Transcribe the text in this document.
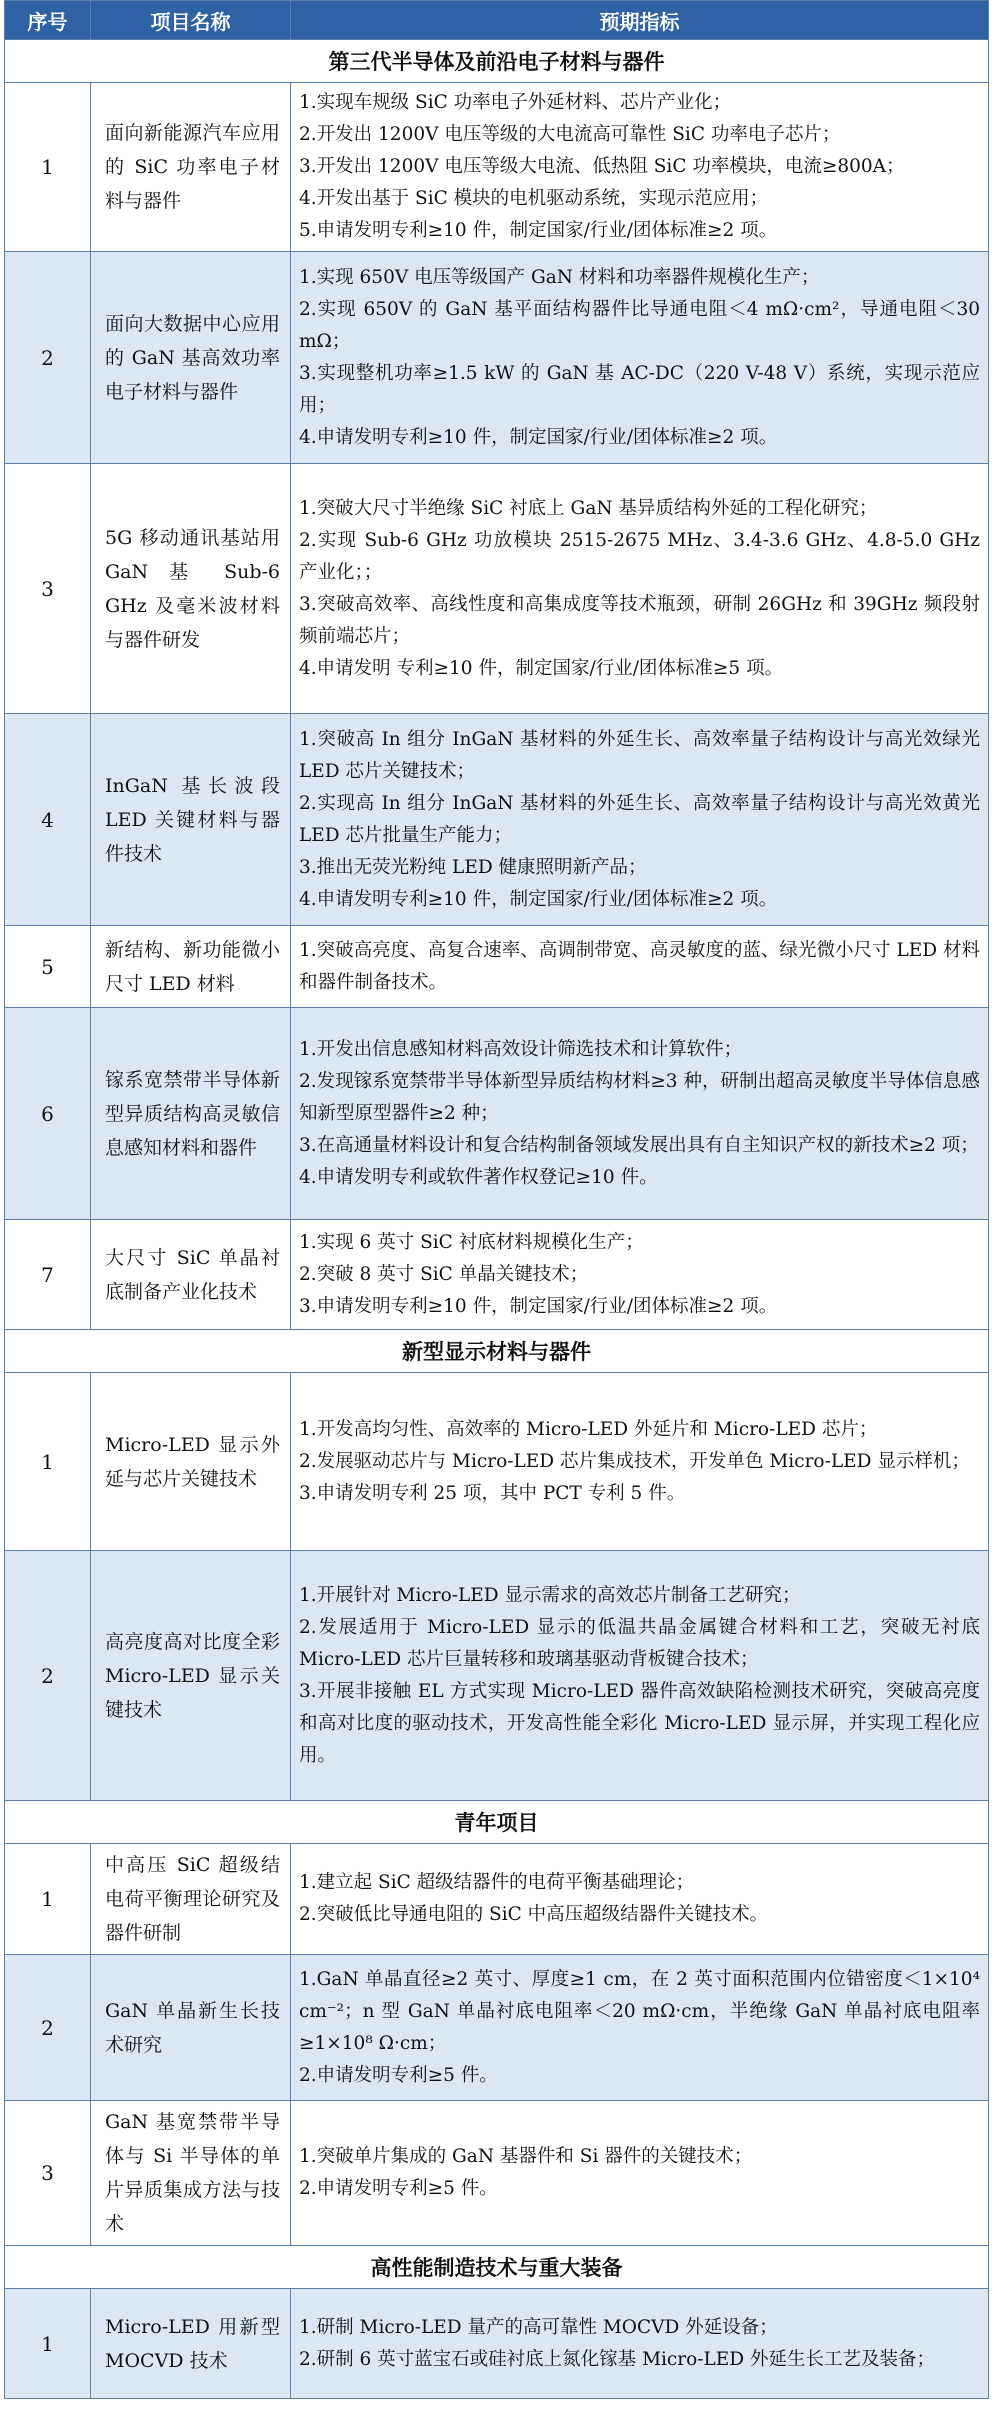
序号	项目名称	预期指标
第三代半导体及前沿电子材料与器件		
1	面向新能源汽车应用的 SiC 功率电子材料与器件	1.实现车规级 SiC 功率电子外延材料、芯片产业化；
2.开发出 1200V 电压等级的大电流高可靠性 SiC 功率电子芯片；
3.开发出 1200V 电压等级大电流、低热阻 SiC 功率模块，电流≥800A；
4.开发出基于 SiC 模块的电机驱动系统，实现示范应用；
5.申请发明专利≥10 件，制定国家/行业/团体标准≥2 项。

2	面向大数据中心应用的 GaN 基高效功率电子材料与器件	1.实现 650V 电压等级国产 GaN 材料和功率器件规模化生产；
2.实现 650V 的 GaN 基平面结构器件比导通电阻＜4 mΩ·cm²，导通电阻＜30 mΩ；
3.实现整机功率≥1.5 kW 的 GaN 基 AC-DC（220 V-48 V）系统，实现示范应用；
4.申请发明专利≥10 件，制定国家/行业/团体标准≥2 项。

3	5G 移动通讯基站用 GaN 基 Sub-6 GHz 及毫米波材料与器件研发	1.突破大尺寸半绝缘 SiC 衬底上 GaN 基异质结构外延的工程化研究；
2.实现 Sub-6 GHz 功放模块 2515-2675 MHz、3.4-3.6 GHz、4.8-5.0 GHz 产业化；；
3.突破高效率、高线性度和高集成度等技术瓶颈，研制 26GHz 和 39GHz 频段射频前端芯片；
4.申请发明 专利≥10 件，制定国家/行业/团体标准≥5 项。

4	InGaN 基长波段 LED 关键材料与器件技术	1.突破高 In 组分 InGaN 基材料的外延生长、高效率量子结构设计与高光效绿光 LED 芯片关键技术；
2.实现高 In 组分 InGaN 基材料的外延生长、高效率量子结构设计与高光效黄光 LED 芯片批量生产能力；
3.推出无荧光粉纯 LED 健康照明新产品；
4.申请发明专利≥10 件，制定国家/行业/团体标准≥2 项。

5	新结构、新功能微小尺寸 LED 材料	1.突破高亮度、高复合速率、高调制带宽、高灵敏度的蓝、绿光微小尺寸 LED 材料和器件制备技术。

6	镓系宽禁带半导体新型异质结构高灵敏信息感知材料和器件	1.开发出信息感知材料高效设计筛选技术和计算软件；
2.发现镓系宽禁带半导体新型异质结构材料≥3 种，研制出超高灵敏度半导体信息感知新型原型器件≥2 种；
3.在高通量材料设计和复合结构制备领域发展出具有自主知识产权的新技术≥2 项；
4.申请发明专利或软件著作权登记≥10 件。

7	大尺寸 SiC 单晶衬底制备产业化技术	1.实现 6 英寸 SiC 衬底材料规模化生产；
2.突破 8 英寸 SiC 单晶关键技术；
3.申请发明专利≥10 件，制定国家/行业/团体标准≥2 项。

新型显示材料与器件		
1	Micro-LED 显示外延与芯片关键技术	1.开发高均匀性、高效率的 Micro-LED 外延片和 Micro-LED 芯片；
2.发展驱动芯片与 Micro-LED 芯片集成技术，开发单色 Micro-LED 显示样机；
3.申请发明专利 25 项，其中 PCT 专利 5 件。

2	高亮度高对比度全彩 Micro-LED 显示关键技术	1.开展针对 Micro-LED 显示需求的高效芯片制备工艺研究；
2.发展适用于 Micro-LED 显示的低温共晶金属键合材料和工艺，突破无衬底 Micro-LED 芯片巨量转移和玻璃基驱动背板键合技术；
3.开展非接触 EL 方式实现 Micro-LED 器件高效缺陷检测技术研究，突破高亮度和高对比度的驱动技术，开发高性能全彩化 Micro-LED 显示屏，并实现工程化应用。

青年项目		
1	中高压 SiC 超级结电荷平衡理论研究及器件研制	1.建立起 SiC 超级结器件的电荷平衡基础理论；
2.突破低比导通电阻的 SiC 中高压超级结器件关键技术。

2	GaN 单晶新生长技术研究	1.GaN 单晶直径≥2 英寸、厚度≥1 cm，在 2 英寸面积范围内位错密度＜1×10⁴ cm⁻²；n 型 GaN 单晶衬底电阻率＜20 mΩ·cm，半绝缘 GaN 单晶衬底电阻率≥1×10⁸ Ω·cm；
2.申请发明专利≥5 件。

3	GaN 基宽禁带半导体与 Si 半导体的单片异质集成方法与技术	1.突破单片集成的 GaN 基器件和 Si 器件的关键技术；
2.申请发明专利≥5 件。

高性能制造技术与重大装备		
1	Micro-LED 用新型 MOCVD 技术	1.研制 Micro-LED 量产的高可靠性 MOCVD 外延设备；
2.研制 6 英寸蓝宝石或硅衬底上氮化镓基 Micro-LED 外延生长工艺及装备；
